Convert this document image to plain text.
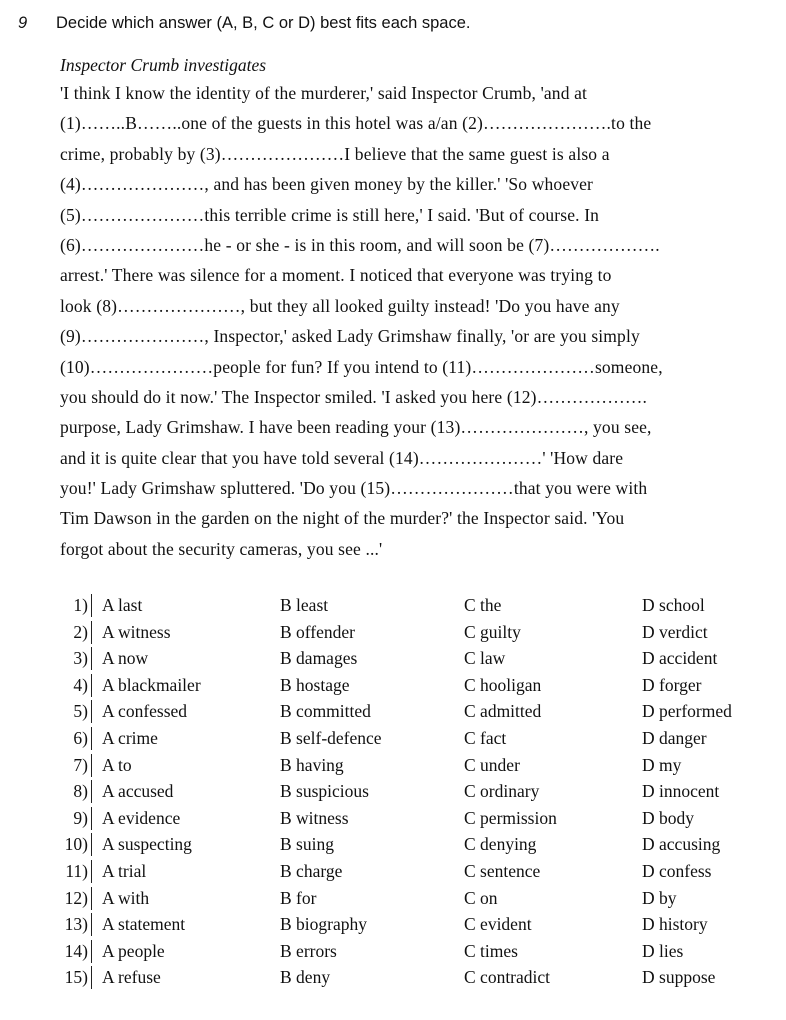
9 Decide which answer (A, B, C or D) best fits each space.
Inspector Crumb investigates
'I think I know the identity of the murderer,' said Inspector Crumb, 'and at
(1)……..B……..one of the guests in this hotel was a/an (2)………………….to the
crime, probably by (3)…………………I believe that the same guest is also a
(4)…………………, and has been given money by the killer.' 'So whoever
(5)…………………this terrible crime is still here,' I said. 'But of course. In
(6)…………………he - or she - is in this room, and will soon be (7)……………….
arrest.' There was silence for a moment. I noticed that everyone was trying to
look (8)…………………, but they all looked guilty instead! 'Do you have any
(9)…………………, Inspector,' asked Lady Grimshaw finally, 'or are you simply
(10)…………………people for fun? If you intend to (11)…………………someone,
you should do it now.' The Inspector smiled. 'I asked you here (12)……………….
purpose, Lady Grimshaw. I have been reading your (13)…………………, you see,
and it is quite clear that you have told several (14)…………………' 'How dare
you!' Lady Grimshaw spluttered. 'Do you (15)…………………that you were with
Tim Dawson in the garden on the night of the murder?' the Inspector said. 'You
forgot about the security cameras, you see ...'
1) A last	B least	C the	D school
2) A witness	B offender	C guilty	D verdict
3) A now	B damages	C law	D accident
4) A blackmailer	B hostage	C hooligan	D forger
5) A confessed	B committed	C admitted	D performed
6) A crime	B self-defence	C fact	D danger
7) A to	B having	C under	D my
8) A accused	B suspicious	C ordinary	D innocent
9) A evidence	B witness	C permission	D body
10) A suspecting	B suing	C denying	D accusing
11) A trial	B charge	C sentence	D confess
12) A with	B for	C on	D by
13) A statement	B biography	C evident	D history
14) A people	B errors	C times	D lies
15) A refuse	B deny	C contradict	D suppose
